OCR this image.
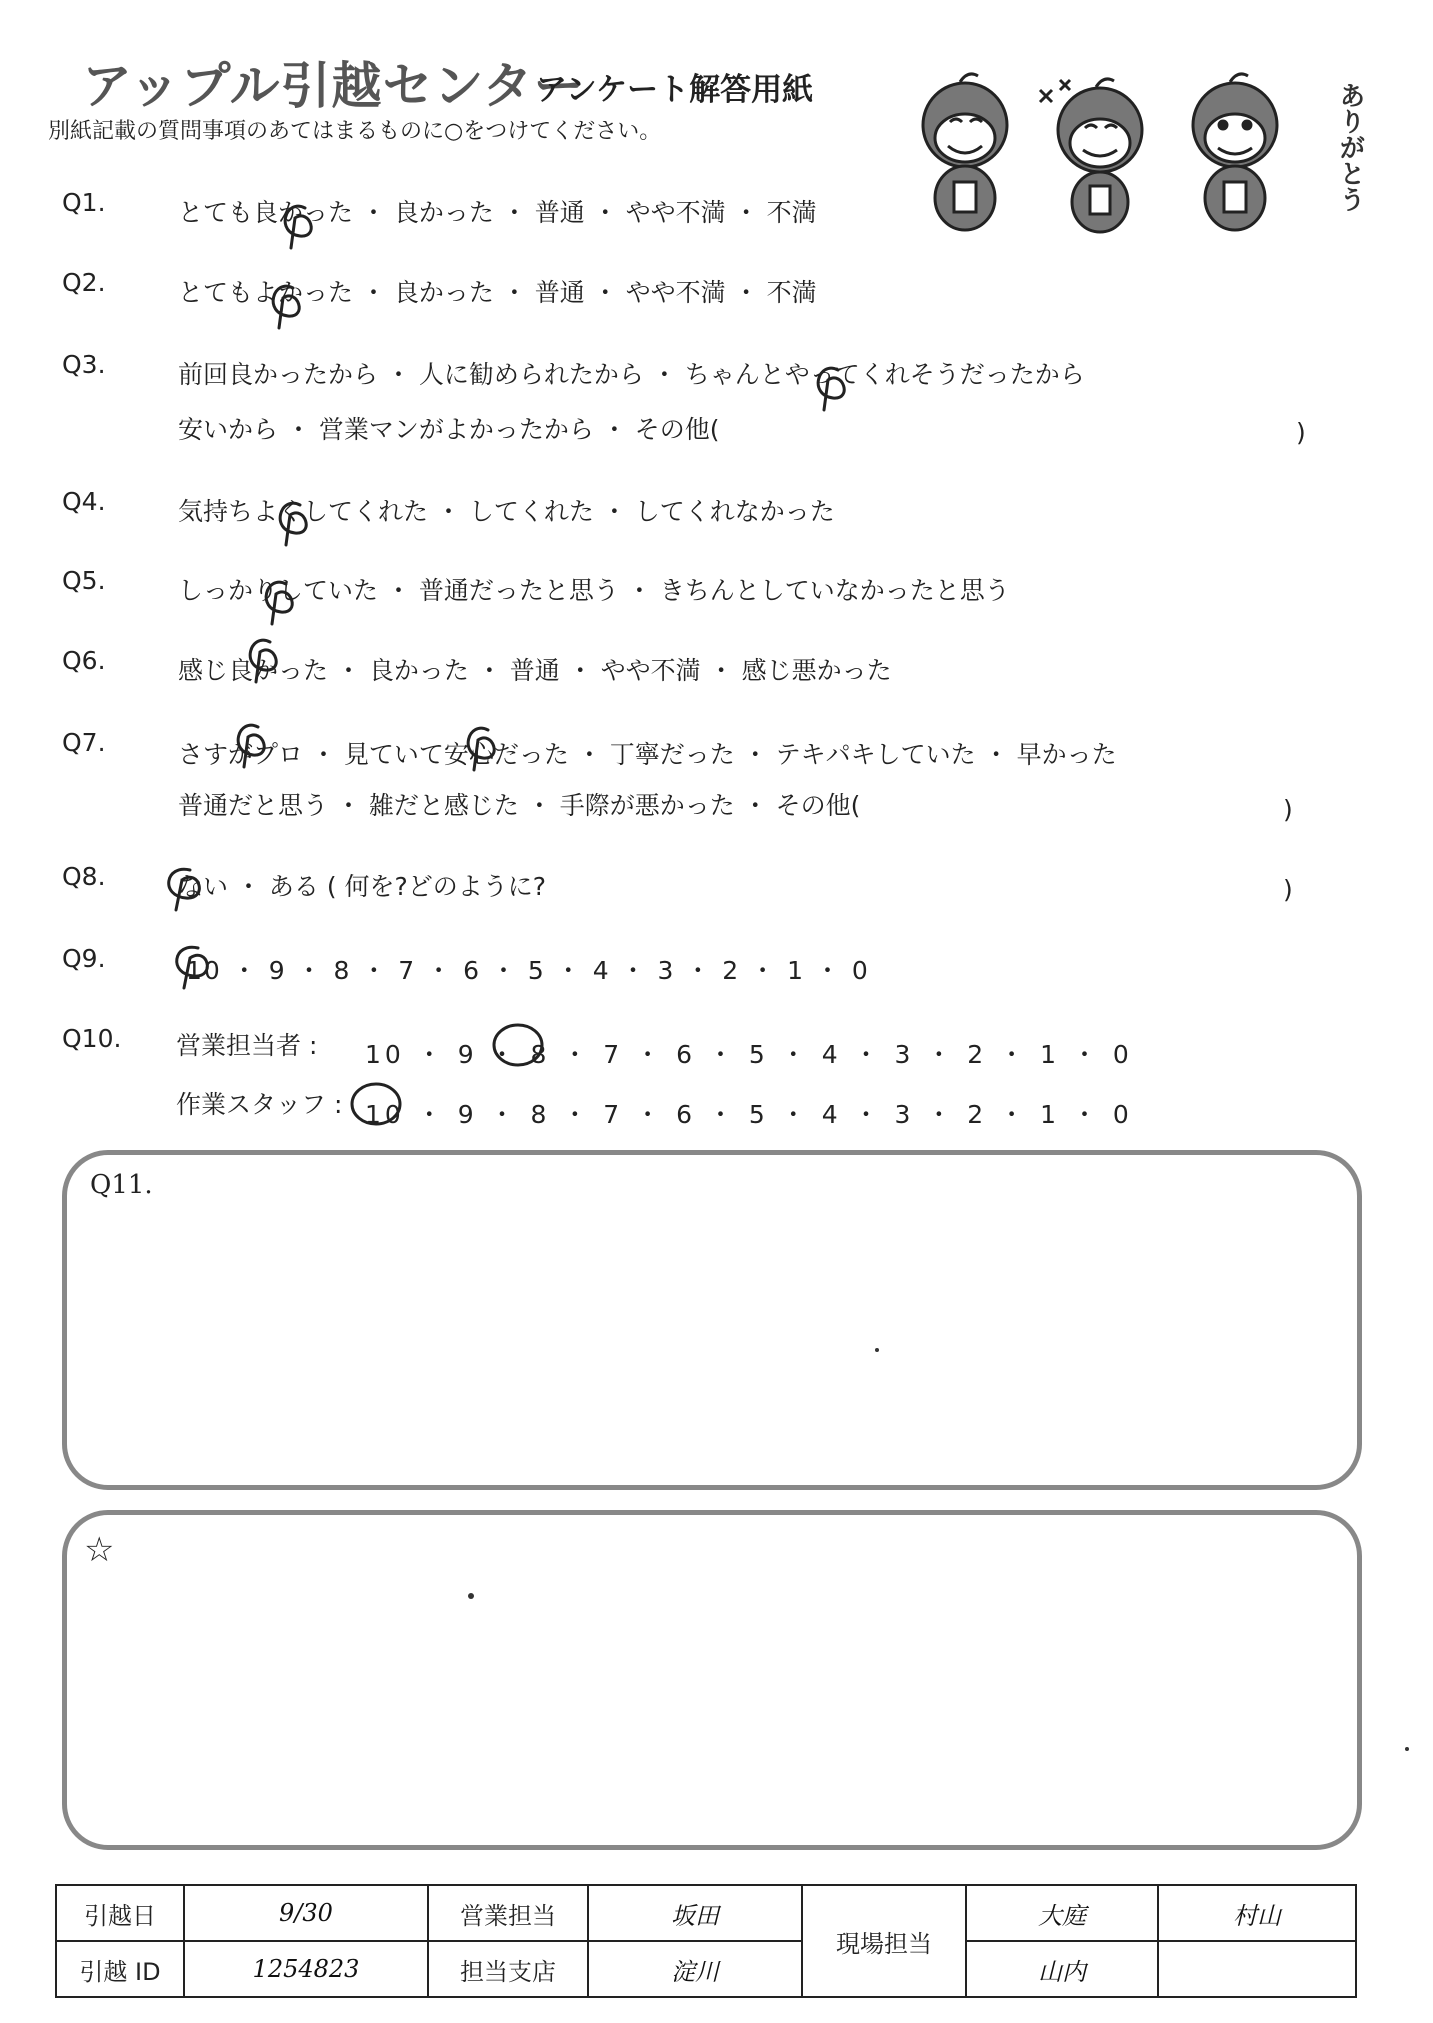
アップル引越センター
アンケート解答用紙
別紙記載の質問事項のあてはまるものに○をつけてください。	ありがとう
Q1.	とても良かった ・ 良かった ・ 普通 ・ やや不満 ・ 不満
Q2.	とてもよかった ・ 良かった ・ 普通 ・ やや不満 ・ 不満
Q3.	前回良かったから ・ 人に勧められたから ・ ちゃんとやってくれそうだったから
安いから ・ 営業マンがよかったから ・ その他(	)
Q4.	気持ちよくしてくれた ・ してくれた ・ してくれなかった
Q5.	しっかりしていた ・ 普通だったと思う ・ きちんとしていなかったと思う
Q6.	感じ良かった ・ 良かった ・ 普通 ・ やや不満 ・ 感じ悪かった
Q7.	さすがプロ ・ 見ていて安心だった ・ 丁寧だった ・ テキパキしていた ・ 早かった
普通だと思う ・ 雑だと感じた ・ 手際が悪かった ・ その他(	)
Q8.	ない ・ ある ( 何を?どのように?	)
Q9.	10 ・ 9 ・ 8 ・ 7 ・ 6 ・ 5 ・ 4 ・ 3 ・ 2 ・ 1 ・ 0
Q10. 営業担当者 : 10 ・ 9 ・ 8 ・ 7 ・ 6 ・ 5 ・ 4 ・ 3 ・ 2 ・ 1 ・ 0
作業スタッフ : 10 ・ 9 ・ 8 ・ 7 ・ 6 ・ 5 ・ 4 ・ 3 ・ 2 ・ 1 ・ 0
Q11.
☆
引越日	9/30	営業担当	坂田	現場担当	大庭	村山
引越 ID	1254823	担当支店	淀川		山内	
